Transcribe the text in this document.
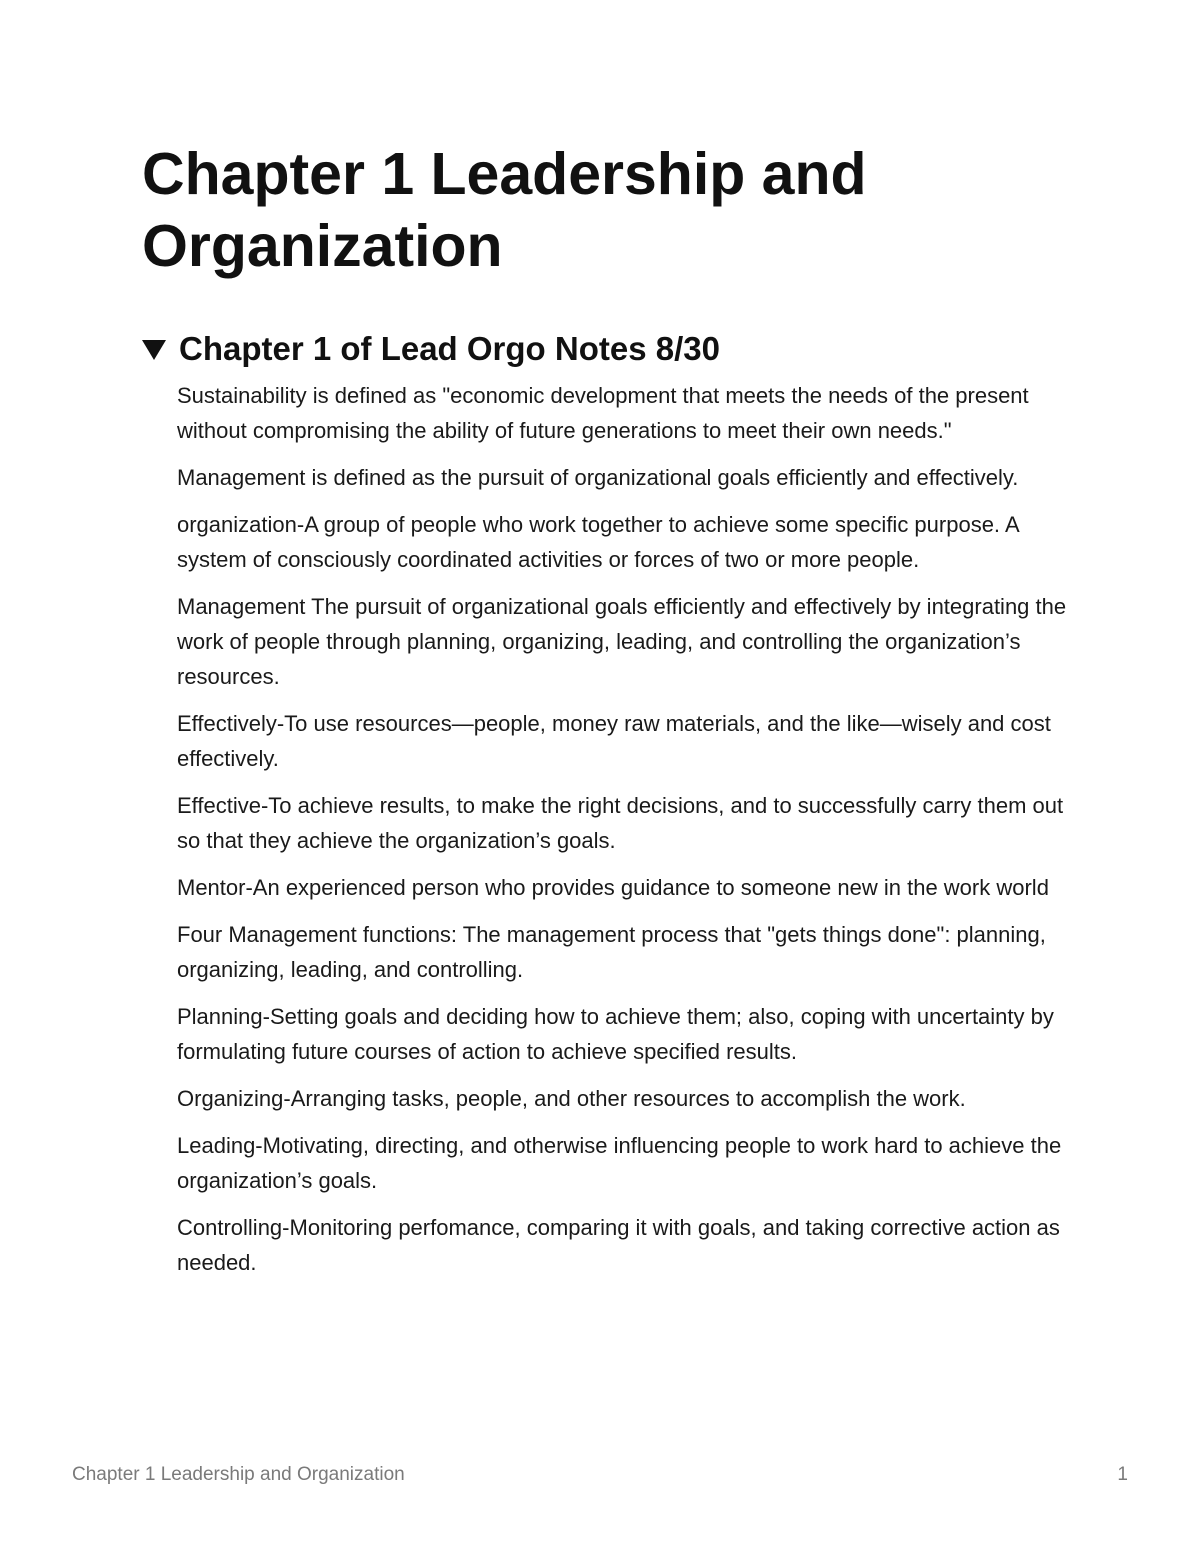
Chapter 1 Leadership and Organization
Chapter 1 of Lead Orgo Notes 8/30
Sustainability is defined as "economic development that meets the needs of the present without compromising the ability of future generations to meet their own needs."
Management is defined as the pursuit of organizational goals efficiently and effectively.
organization-A group of people who work together to achieve some specific purpose. A system of consciously coordinated activities or forces of two or more people.
Management The pursuit of organizational goals efficiently and effectively by integrating the work of people through planning, organizing, leading, and controlling the organization’s resources.
Effectively-To use resources—people, money raw materials, and the like—wisely and cost effectively.
Effective-To achieve results, to make the right decisions, and to successfully carry them out so that they achieve the organization’s goals.
Mentor-An experienced person who provides guidance to someone new in the work world
Four Management functions: The management process that "gets things done": planning, organizing, leading, and controlling.
Planning-Setting goals and deciding how to achieve them; also, coping with uncertainty by formulating future courses of action to achieve specified results.
Organizing-Arranging tasks, people, and other resources to accomplish the work.
Leading-Motivating, directing, and otherwise influencing people to work hard to achieve the organization’s goals.
Controlling-Monitoring perfomance, comparing it with goals, and taking corrective action as needed.
Chapter 1 Leadership and Organization	1
